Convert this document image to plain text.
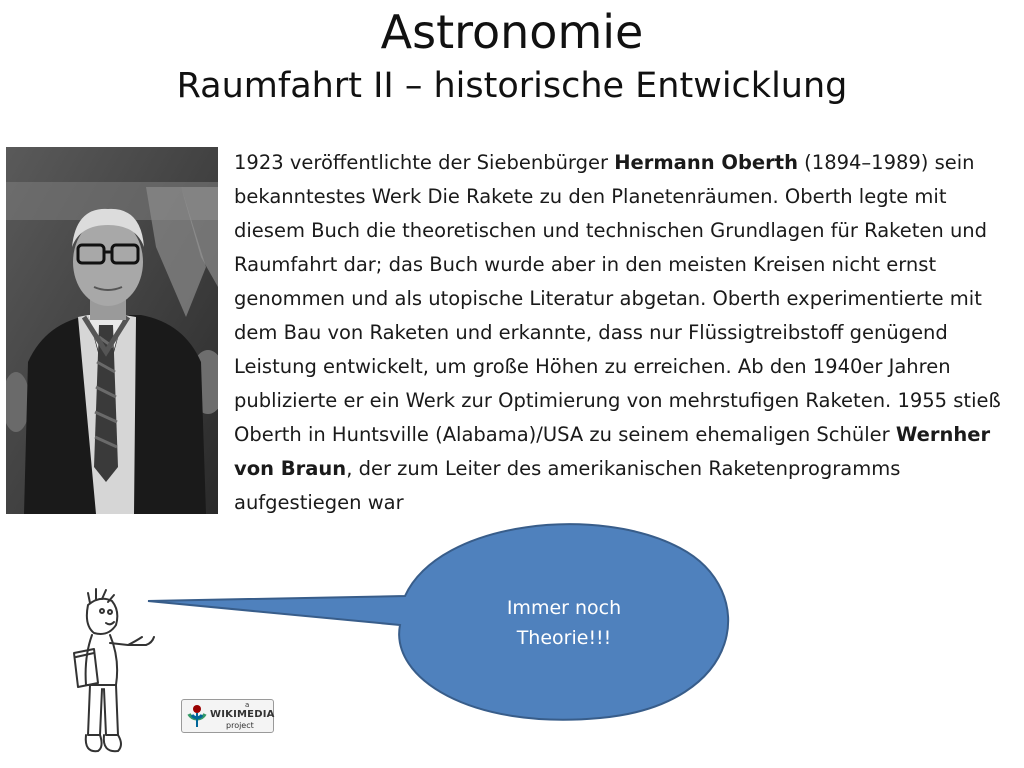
Astronomie
Raumfahrt II – historische Entwicklung
1923 veröffentlichte der Siebenbürger Hermann Oberth (1894–1989) sein bekanntestes Werk Die Rakete zu den Planetenräumen. Oberth legte mit diesem Buch die theoretischen und technischen Grundlagen für Raketen und Raumfahrt dar; das Buch wurde aber in den meisten Kreisen nicht ernst genommen und als utopische Literatur abgetan. Oberth experimentierte mit dem Bau von Raketen und erkannte, dass nur Flüssigtreibstoff genügend Leistung entwickelt, um große Höhen zu erreichen. Ab den 1940er Jahren publizierte er ein Werk zur Optimierung von mehrstufigen Raketen. 1955 stieß Oberth in Huntsville (Alabama)/USA zu seinem ehemaligen Schüler Wernher von Braun, der zum Leiter des amerikanischen Raketenprogramms aufgestiegen war
Immer noch
Theorie!!!
a
WIKIMEDIA
project
